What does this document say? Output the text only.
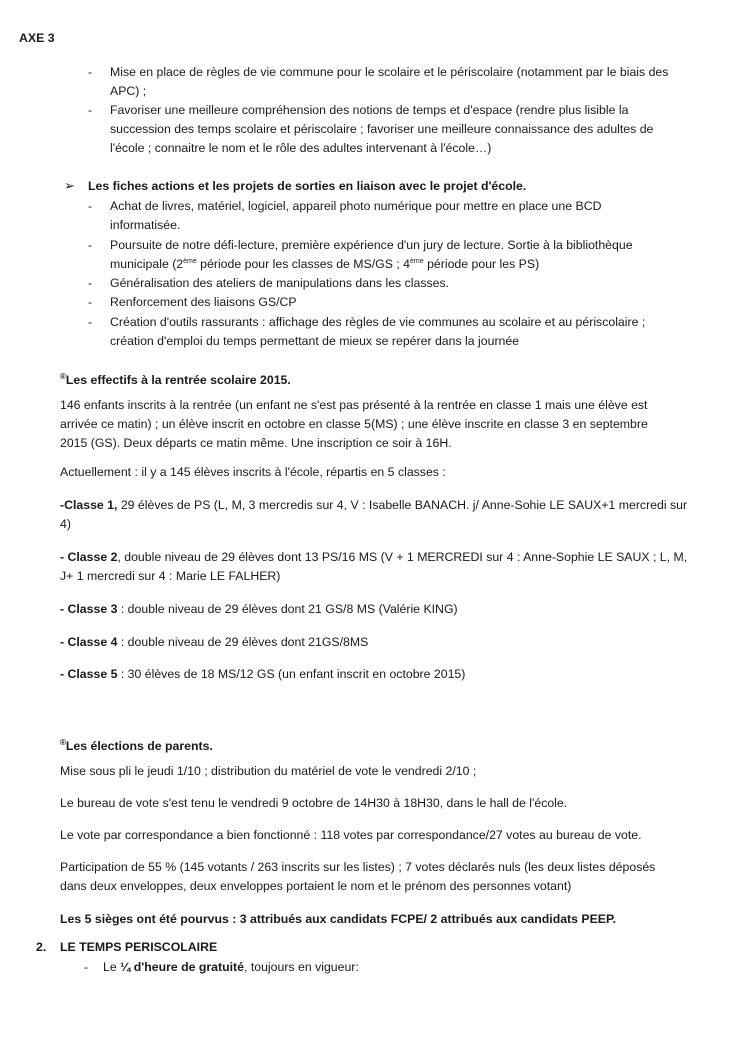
AXE 3
- Mise en place de règles de vie commune pour le scolaire et le périscolaire (notamment par le biais des
APC) ;
- Favoriser une meilleure compréhension des notions de temps et d'espace (rendre plus lisible la
succession des temps scolaire et périscolaire ; favoriser une meilleure connaissance des adultes de
l'école ; connaitre le nom et le rôle des adultes intervenant à l'école…)
➢ Les fiches actions et les projets de sorties en liaison avec le projet d'école.
- Achat de livres, matériel, logiciel, appareil photo numérique pour mettre en place une BCD
informatisée.
- Poursuite de notre défi-lecture, première expérience d'un jury de lecture. Sortie à la bibliothèque
municipale (2ème période pour les classes de MS/GS ; 4ème période pour les PS)
- Généralisation des ateliers de manipulations dans les classes.
- Renforcement des liaisons GS/CP
- Création d'outils rassurants : affichage des règles de vie communes au scolaire et au périscolaire ;
création d'emploi du temps permettant de mieux se repérer dans la journée
®Les effectifs à la rentrée scolaire 2015.
146 enfants inscrits à la rentrée (un enfant ne s'est pas présenté à la rentrée en classe 1 mais une élève est
arrivée ce matin) ; un élève inscrit en octobre en classe 5(MS) ; une élève inscrite en classe 3 en septembre
2015 (GS). Deux départs ce matin même. Une inscription ce soir à 16H.
Actuellement : il y a 145 élèves inscrits à l'école, répartis en 5 classes :
-Classe 1, 29 élèves de PS (L, M, 3 mercredis sur 4, V : Isabelle BANACH. j/ Anne-Sohie LE SAUX+1 mercredi sur
4)
- Classe 2, double niveau de 29 élèves dont 13 PS/16 MS (V + 1 MERCREDI sur 4 : Anne-Sophie LE SAUX ; L, M,
J+ 1 mercredi sur 4 : Marie LE FALHER)
- Classe 3 : double niveau de 29 élèves dont 21 GS/8 MS (Valérie KING)
- Classe 4 : double niveau de 29 élèves dont 21GS/8MS
- Classe 5 : 30 élèves de 18 MS/12 GS (un enfant inscrit en octobre 2015)
®Les élections de parents.
Mise sous pli le jeudi 1/10 ; distribution du matériel de vote le vendredi 2/10 ;
Le bureau de vote s'est tenu le vendredi 9 octobre de 14H30 à 18H30, dans le hall de l'école.
Le vote par correspondance a bien fonctionné : 118 votes par correspondance/27 votes au bureau de vote.
Participation de 55 % (145 votants / 263 inscrits sur les listes) ; 7 votes déclarés nuls (les deux listes déposés
dans deux enveloppes, deux enveloppes portaient le nom et le prénom des personnes votant)
Les 5 sièges ont été pourvus : 3 attribués aux candidats FCPE/ 2 attribués aux candidats PEEP.
2. LE TEMPS PERISCOLAIRE
- Le ¼ d'heure de gratuité, toujours en vigueur:
